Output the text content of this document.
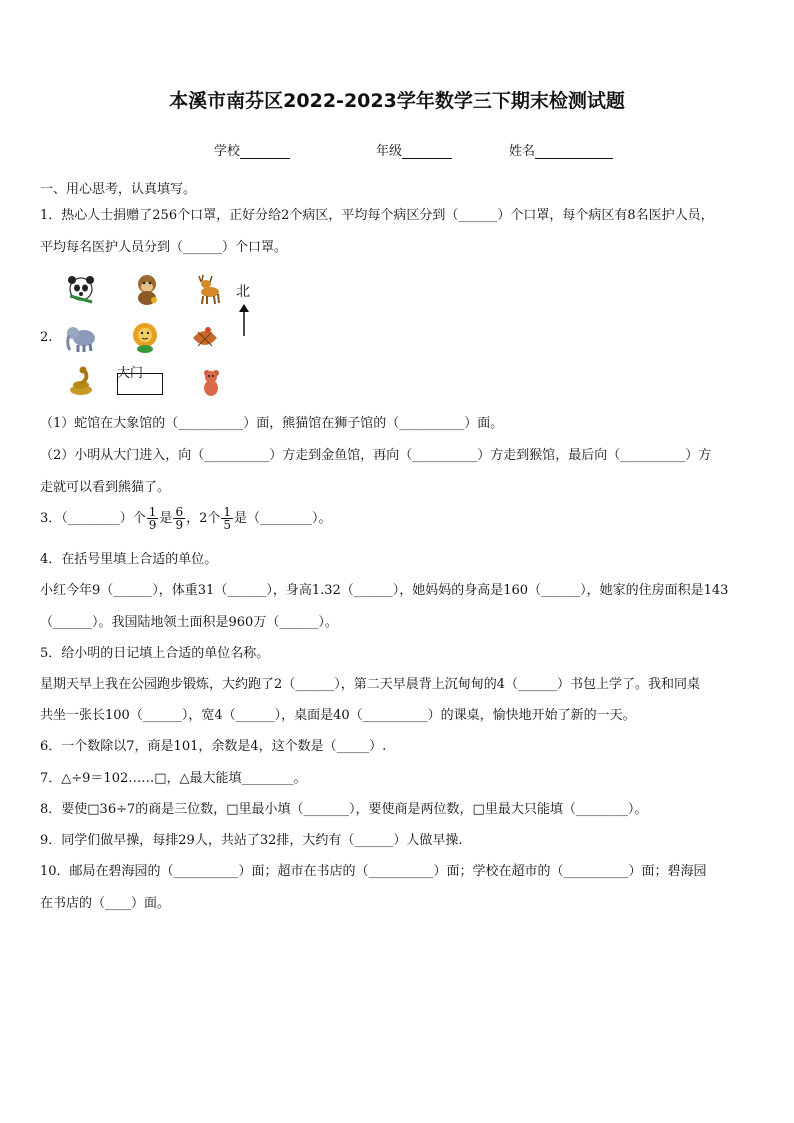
本溪市南芬区2022-2023学年数学三下期末检测试题
学校	年级	姓名
一、用心思考，认真填写。
1．热心人士捐赠了256个口罩，正好分给2个病区，平均每个病区分到（______）个口罩，每个病区有8名医护人员，
平均每名医护人员分到（______）个口罩。
2.
北
大门
（1）蛇馆在大象馆的（__________）面，熊猫馆在狮子馆的（__________）面。
（2）小明从大门进入，向（__________）方走到金鱼馆，再向（__________）方走到猴馆，最后向（__________）方
走就可以看到熊猫了。
3．（________）个 $\frac{1}{9}$ 是 $\frac{6}{9}$ ，2个 $\frac{1}{5}$ 是（________）。
4．在括号里填上合适的单位。
小红今年9（______），体重31（______），身高1.32（______），她妈妈的身高是160（______），她家的住房面积是143
（______）。我国陆地领土面积是960万（______）。
5．给小明的日记填上合适的单位名称。
星期天早上我在公园跑步锻炼，大约跑了2（______），第二天早晨背上沉甸甸的4（______）书包上学了。我和同桌
共坐一张长100（______），宽4（______），桌面是40（__________）的课桌，愉快地开始了新的一天。
6．一个数除以7，商是101，余数是4，这个数是（_____）.
7．△÷9＝102……□，△最大能填________。
8．要使□36÷7的商是三位数，□里最小填（_______），要使商是两位数，□里最大只能填（________）。
9．同学们做早操，每排29人，共站了32排，大约有（______）人做早操.
10．邮局在碧海园的（__________）面；超市在书店的（__________）面；学校在超市的（__________）面；碧海园
在书店的（____）面。
